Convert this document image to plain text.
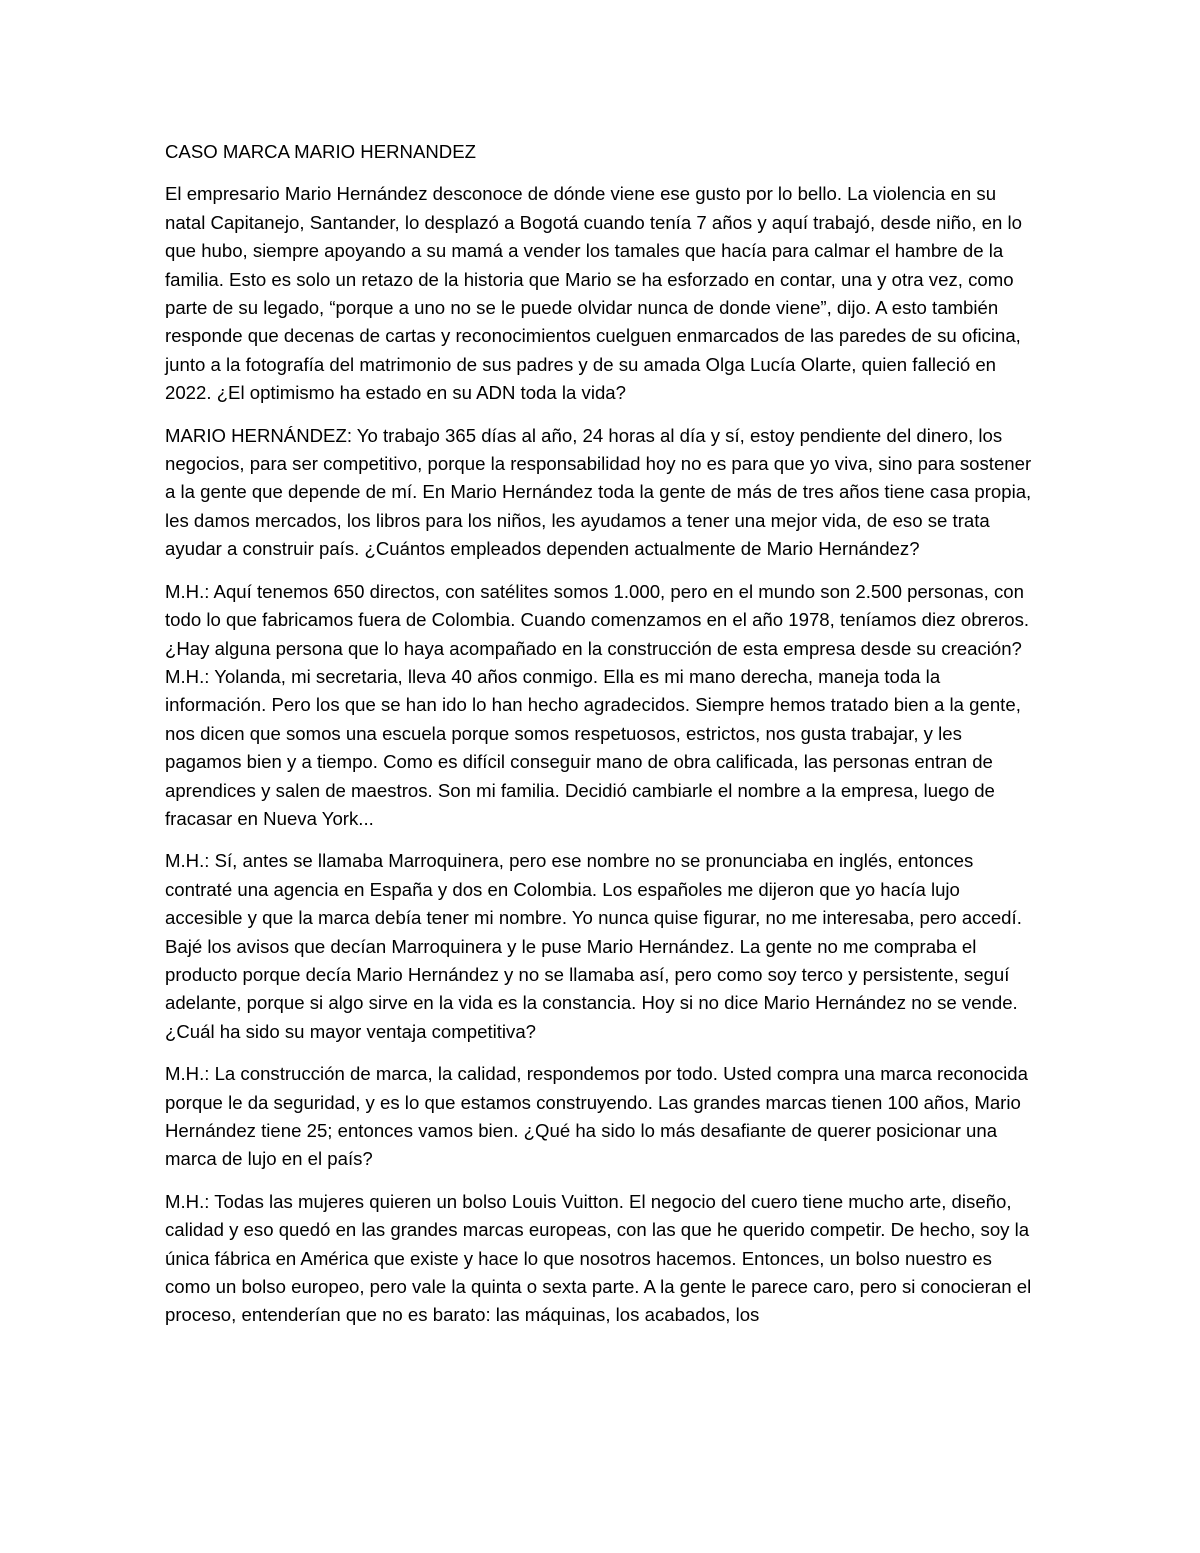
CASO MARCA MARIO HERNANDEZ

El empresario Mario Hernández desconoce de dónde viene ese gusto por lo bello. La violencia en su natal Capitanejo, Santander, lo desplazó a Bogotá cuando tenía 7 años y aquí trabajó, desde niño, en lo que hubo, siempre apoyando a su mamá a vender los tamales que hacía para calmar el hambre de la familia. Esto es solo un retazo de la historia que Mario se ha esforzado en contar, una y otra vez, como parte de su legado, “porque a uno no se le puede olvidar nunca de donde viene”, dijo. A esto también responde que decenas de cartas y reconocimientos cuelguen enmarcados de las paredes de su oficina, junto a la fotografía del matrimonio de sus padres y de su amada Olga Lucía Olarte, quien falleció en 2022. ¿El optimismo ha estado en su ADN toda la vida?

MARIO HERNÁNDEZ: Yo trabajo 365 días al año, 24 horas al día y sí, estoy pendiente del dinero, los negocios, para ser competitivo, porque la responsabilidad hoy no es para que yo viva, sino para sostener a la gente que depende de mí. En Mario Hernández toda la gente de más de tres años tiene casa propia, les damos mercados, los libros para los niños, les ayudamos a tener una mejor vida, de eso se trata ayudar a construir país. ¿Cuántos empleados dependen actualmente de Mario Hernández?

M.H.: Aquí tenemos 650 directos, con satélites somos 1.000, pero en el mundo son 2.500 personas, con todo lo que fabricamos fuera de Colombia. Cuando comenzamos en el año 1978, teníamos diez obreros. ¿Hay alguna persona que lo haya acompañado en la construcción de esta empresa desde su creación? M.H.: Yolanda, mi secretaria, lleva 40 años conmigo. Ella es mi mano derecha, maneja toda la información. Pero los que se han ido lo han hecho agradecidos. Siempre hemos tratado bien a la gente, nos dicen que somos una escuela porque somos respetuosos, estrictos, nos gusta trabajar, y les pagamos bien y a tiempo. Como es difícil conseguir mano de obra calificada, las personas entran de aprendices y salen de maestros. Son mi familia. Decidió cambiarle el nombre a la empresa, luego de fracasar en Nueva York...

M.H.: Sí, antes se llamaba Marroquinera, pero ese nombre no se pronunciaba en inglés, entonces contraté una agencia en España y dos en Colombia. Los españoles me dijeron que yo hacía lujo accesible y que la marca debía tener mi nombre. Yo nunca quise figurar, no me interesaba, pero accedí. Bajé los avisos que decían Marroquinera y le puse Mario Hernández. La gente no me compraba el producto porque decía Mario Hernández y no se llamaba así, pero como soy terco y persistente, seguí adelante, porque si algo sirve en la vida es la constancia. Hoy si no dice Mario Hernández no se vende. ¿Cuál ha sido su mayor ventaja competitiva?

M.H.: La construcción de marca, la calidad, respondemos por todo. Usted compra una marca reconocida porque le da seguridad, y es lo que estamos construyendo. Las grandes marcas tienen 100 años, Mario Hernández tiene 25; entonces vamos bien. ¿Qué ha sido lo más desafiante de querer posicionar una marca de lujo en el país?

M.H.: Todas las mujeres quieren un bolso Louis Vuitton. El negocio del cuero tiene mucho arte, diseño, calidad y eso quedó en las grandes marcas europeas, con las que he querido competir. De hecho, soy la única fábrica en América que existe y hace lo que nosotros hacemos. Entonces, un bolso nuestro es como un bolso europeo, pero vale la quinta o sexta parte. A la gente le parece caro, pero si conocieran el proceso, entenderían que no es barato: las máquinas, los acabados, los
